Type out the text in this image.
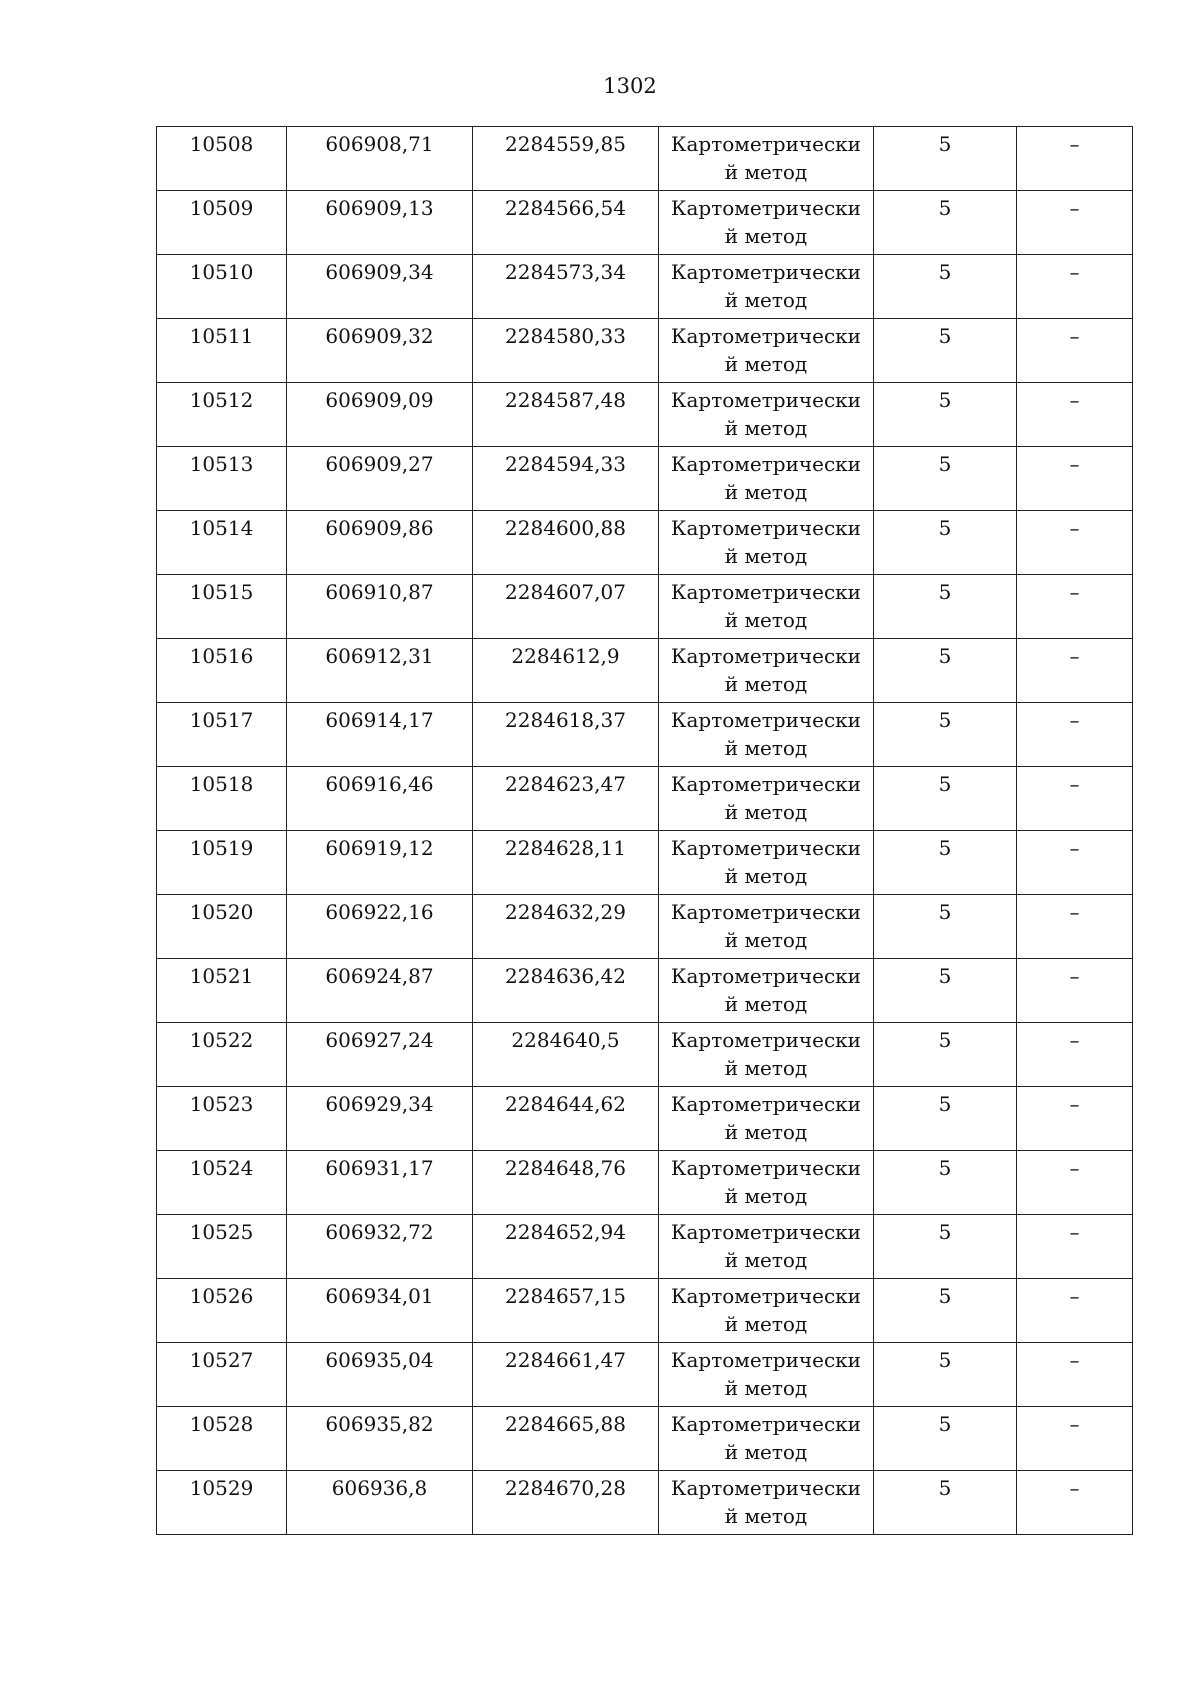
1302
10508	606908,71	2284559,85	Картометрически
й метод	5	–

10509	606909,13	2284566,54	Картометрически
й метод	5	–

10510	606909,34	2284573,34	Картометрически
й метод	5	–

10511	606909,32	2284580,33	Картометрически
й метод	5	–

10512	606909,09	2284587,48	Картометрически
й метод	5	–

10513	606909,27	2284594,33	Картометрически
й метод	5	–

10514	606909,86	2284600,88	Картометрически
й метод	5	–

10515	606910,87	2284607,07	Картометрически
й метод	5	–

10516	606912,31	2284612,9	Картометрически
й метод	5	–

10517	606914,17	2284618,37	Картометрически
й метод	5	–

10518	606916,46	2284623,47	Картометрически
й метод	5	–

10519	606919,12	2284628,11	Картометрически
й метод	5	–

10520	606922,16	2284632,29	Картометрически
й метод	5	–

10521	606924,87	2284636,42	Картометрически
й метод	5	–

10522	606927,24	2284640,5	Картометрически
й метод	5	–

10523	606929,34	2284644,62	Картометрически
й метод	5	–

10524	606931,17	2284648,76	Картометрически
й метод	5	–

10525	606932,72	2284652,94	Картометрически
й метод	5	–

10526	606934,01	2284657,15	Картометрически
й метод	5	–

10527	606935,04	2284661,47	Картометрически
й метод	5	–

10528	606935,82	2284665,88	Картометрически
й метод	5	–

10529	606936,8	2284670,28	Картометрически
й метод	5	–
